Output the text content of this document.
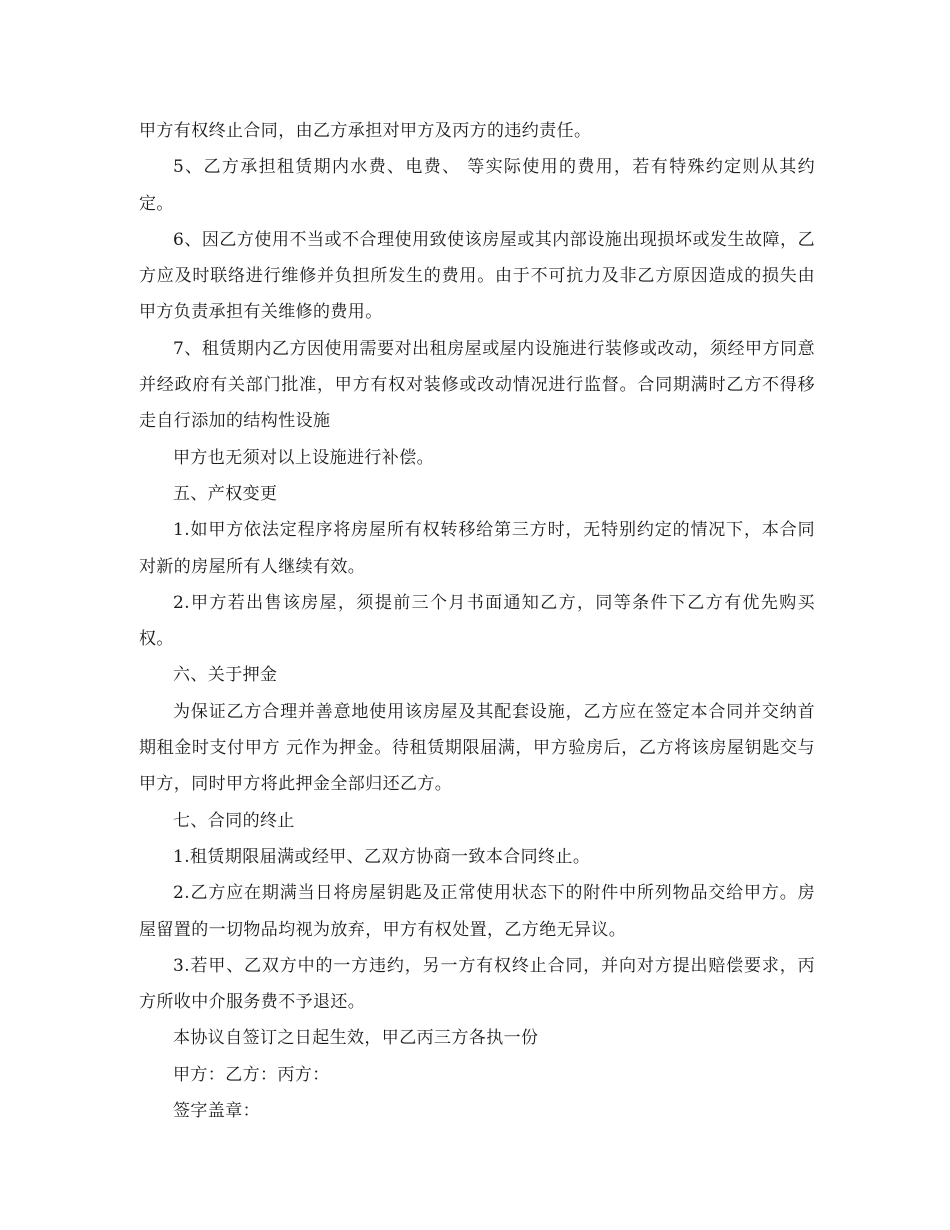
甲方有权终止合同，由乙方承担对甲方及丙方的违约责任。

5、乙方承担租赁期内水费、电费、 等实际使用的费用，若有特殊约定则从其约定。

6、因乙方使用不当或不合理使用致使该房屋或其内部设施出现损坏或发生故障，乙方应及时联络进行维修并负担所发生的费用。由于不可抗力及非乙方原因造成的损失由甲方负责承担有关维修的费用。

7、租赁期内乙方因使用需要对出租房屋或屋内设施进行装修或改动，须经甲方同意并经政府有关部门批准，甲方有权对装修或改动情况进行监督。合同期满时乙方不得移走自行添加的结构性设施

甲方也无须对以上设施进行补偿。

五、产权变更

1.如甲方依法定程序将房屋所有权转移给第三方时，无特别约定的情况下，本合同对新的房屋所有人继续有效。

2.甲方若出售该房屋，须提前三个月书面通知乙方，同等条件下乙方有优先购买权。

六、关于押金

为保证乙方合理并善意地使用该房屋及其配套设施，乙方应在签定本合同并交纳首期租金时支付甲方 元作为押金。待租赁期限届满，甲方验房后，乙方将该房屋钥匙交与甲方，同时甲方将此押金全部归还乙方。

七、合同的终止

1.租赁期限届满或经甲、乙双方协商一致本合同终止。

2.乙方应在期满当日将房屋钥匙及正常使用状态下的附件中所列物品交给甲方。房屋留置的一切物品均视为放弃，甲方有权处置，乙方绝无异议。

3.若甲、乙双方中的一方违约，另一方有权终止合同，并向对方提出赔偿要求，丙方所收中介服务费不予退还。

本协议自签订之日起生效，甲乙丙三方各执一份

甲方：乙方：丙方：

签字盖章：
